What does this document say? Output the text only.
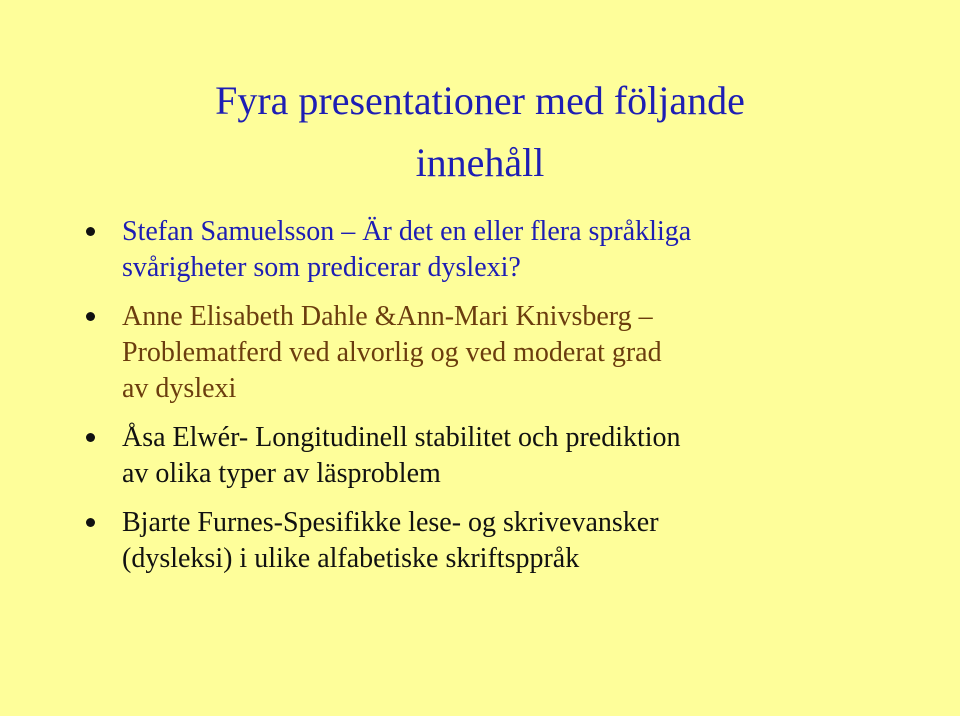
Fyra presentationer med följande
innehåll
Stefan Samuelsson – Är det en eller flera språkliga
svårigheter som predicerar dyslexi?
Anne Elisabeth Dahle &Ann-Mari Knivsberg –
Problematferd ved alvorlig og ved moderat grad
av dyslexi
Åsa Elwér- Longitudinell stabilitet och prediktion
av olika typer av läsproblem
Bjarte Furnes-Spesifikke lese- og skrivevansker
(dysleksi) i ulike alfabetiske skriftsppråk
